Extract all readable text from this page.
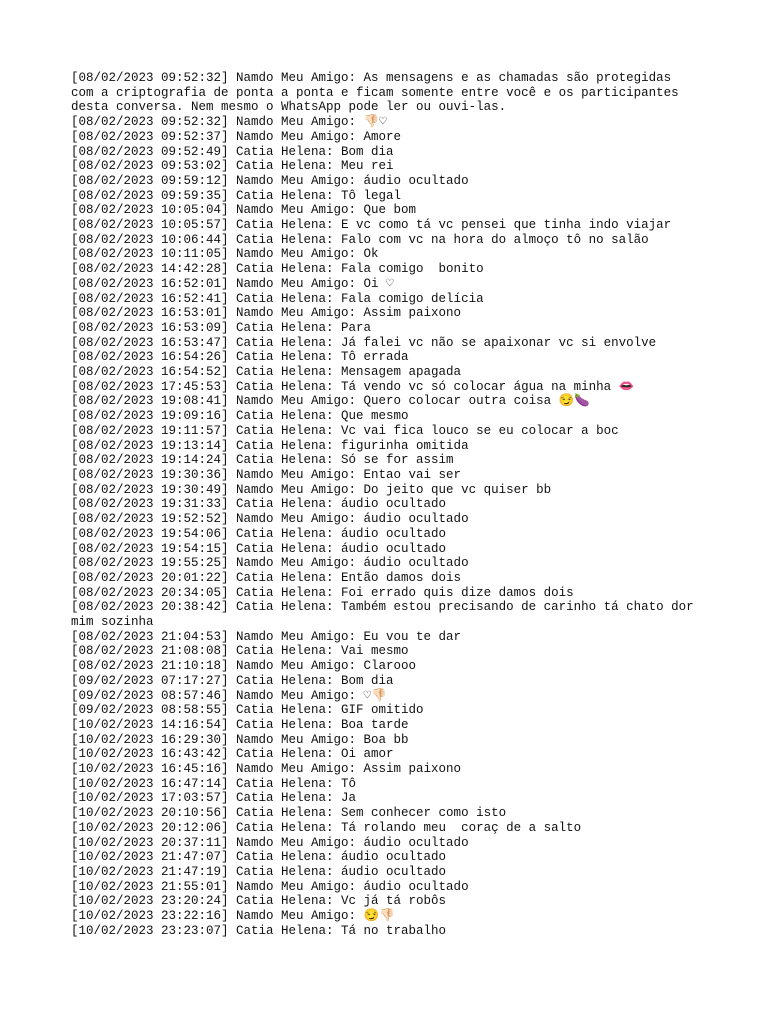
[08/02/2023 09:52:32] Namdo Meu Amigo: As mensagens e as chamadas são protegidas
com a criptografia de ponta a ponta e ficam somente entre você e os participantes
desta conversa. Nem mesmo o WhatsApp pode ler ou ouvi-las.
[08/02/2023 09:52:32] Namdo Meu Amigo: 👎🏻♡
[08/02/2023 09:52:37] Namdo Meu Amigo: Amore
[08/02/2023 09:52:49] Catia Helena: Bom dia
[08/02/2023 09:53:02] Catia Helena: Meu rei
[08/02/2023 09:59:12] Namdo Meu Amigo: áudio ocultado
[08/02/2023 09:59:35] Catia Helena: Tô legal
[08/02/2023 10:05:04] Namdo Meu Amigo: Que bom
[08/02/2023 10:05:57] Catia Helena: E vc como tá vc pensei que tinha indo viajar
[08/02/2023 10:06:44] Catia Helena: Falo com vc na hora do almoço tô no salão
[08/02/2023 10:11:05] Namdo Meu Amigo: Ok
[08/02/2023 14:42:28] Catia Helena: Fala comigo  bonito
[08/02/2023 16:52:01] Namdo Meu Amigo: Oi ♡
[08/02/2023 16:52:41] Catia Helena: Fala comigo delícia
[08/02/2023 16:53:01] Namdo Meu Amigo: Assim paixono
[08/02/2023 16:53:09] Catia Helena: Para
[08/02/2023 16:53:47] Catia Helena: Já falei vc não se apaixonar vc si envolve
[08/02/2023 16:54:26] Catia Helena: Tô errada
[08/02/2023 16:54:52] Catia Helena: Mensagem apagada
[08/02/2023 17:45:53] Catia Helena: Tá vendo vc só colocar água na minha 👄
[08/02/2023 19:08:41] Namdo Meu Amigo: Quero colocar outra coisa 😏🍆
[08/02/2023 19:09:16] Catia Helena: Que mesmo
[08/02/2023 19:11:57] Catia Helena: Vc vai fica louco se eu colocar a boc
[08/02/2023 19:13:14] Catia Helena: figurinha omitida
[08/02/2023 19:14:24] Catia Helena: Só se for assim
[08/02/2023 19:30:36] Namdo Meu Amigo: Entao vai ser
[08/02/2023 19:30:49] Namdo Meu Amigo: Do jeito que vc quiser bb
[08/02/2023 19:31:33] Catia Helena: áudio ocultado
[08/02/2023 19:52:52] Namdo Meu Amigo: áudio ocultado
[08/02/2023 19:54:06] Catia Helena: áudio ocultado
[08/02/2023 19:54:15] Catia Helena: áudio ocultado
[08/02/2023 19:55:25] Namdo Meu Amigo: áudio ocultado
[08/02/2023 20:01:22] Catia Helena: Então damos dois
[08/02/2023 20:34:05] Catia Helena: Foi errado quis dize damos dois
[08/02/2023 20:38:42] Catia Helena: Também estou precisando de carinho tá chato dor mim sozinha
[08/02/2023 21:04:53] Namdo Meu Amigo: Eu vou te dar
[08/02/2023 21:08:08] Catia Helena: Vai mesmo
[08/02/2023 21:10:18] Namdo Meu Amigo: Clarooo
[09/02/2023 07:17:27] Catia Helena: Bom dia
[09/02/2023 08:57:46] Namdo Meu Amigo: ♡👎🏻
[09/02/2023 08:58:55] Catia Helena: GIF omitido
[10/02/2023 14:16:54] Catia Helena: Boa tarde
[10/02/2023 16:29:30] Namdo Meu Amigo: Boa bb
[10/02/2023 16:43:42] Catia Helena: Oi amor
[10/02/2023 16:45:16] Namdo Meu Amigo: Assim paixono
[10/02/2023 16:47:14] Catia Helena: Tô
[10/02/2023 17:03:57] Catia Helena: Ja
[10/02/2023 20:10:56] Catia Helena: Sem conhecer como isto
[10/02/2023 20:12:06] Catia Helena: Tá rolando meu  coraç de a salto
[10/02/2023 20:37:11] Namdo Meu Amigo: áudio ocultado
[10/02/2023 21:47:07] Catia Helena: áudio ocultado
[10/02/2023 21:47:19] Catia Helena: áudio ocultado
[10/02/2023 21:55:01] Namdo Meu Amigo: áudio ocultado
[10/02/2023 23:20:24] Catia Helena: Vc já tá robôs
[10/02/2023 23:22:16] Namdo Meu Amigo: 😏👎🏻
[10/02/2023 23:23:07] Catia Helena: Tá no trabalho
